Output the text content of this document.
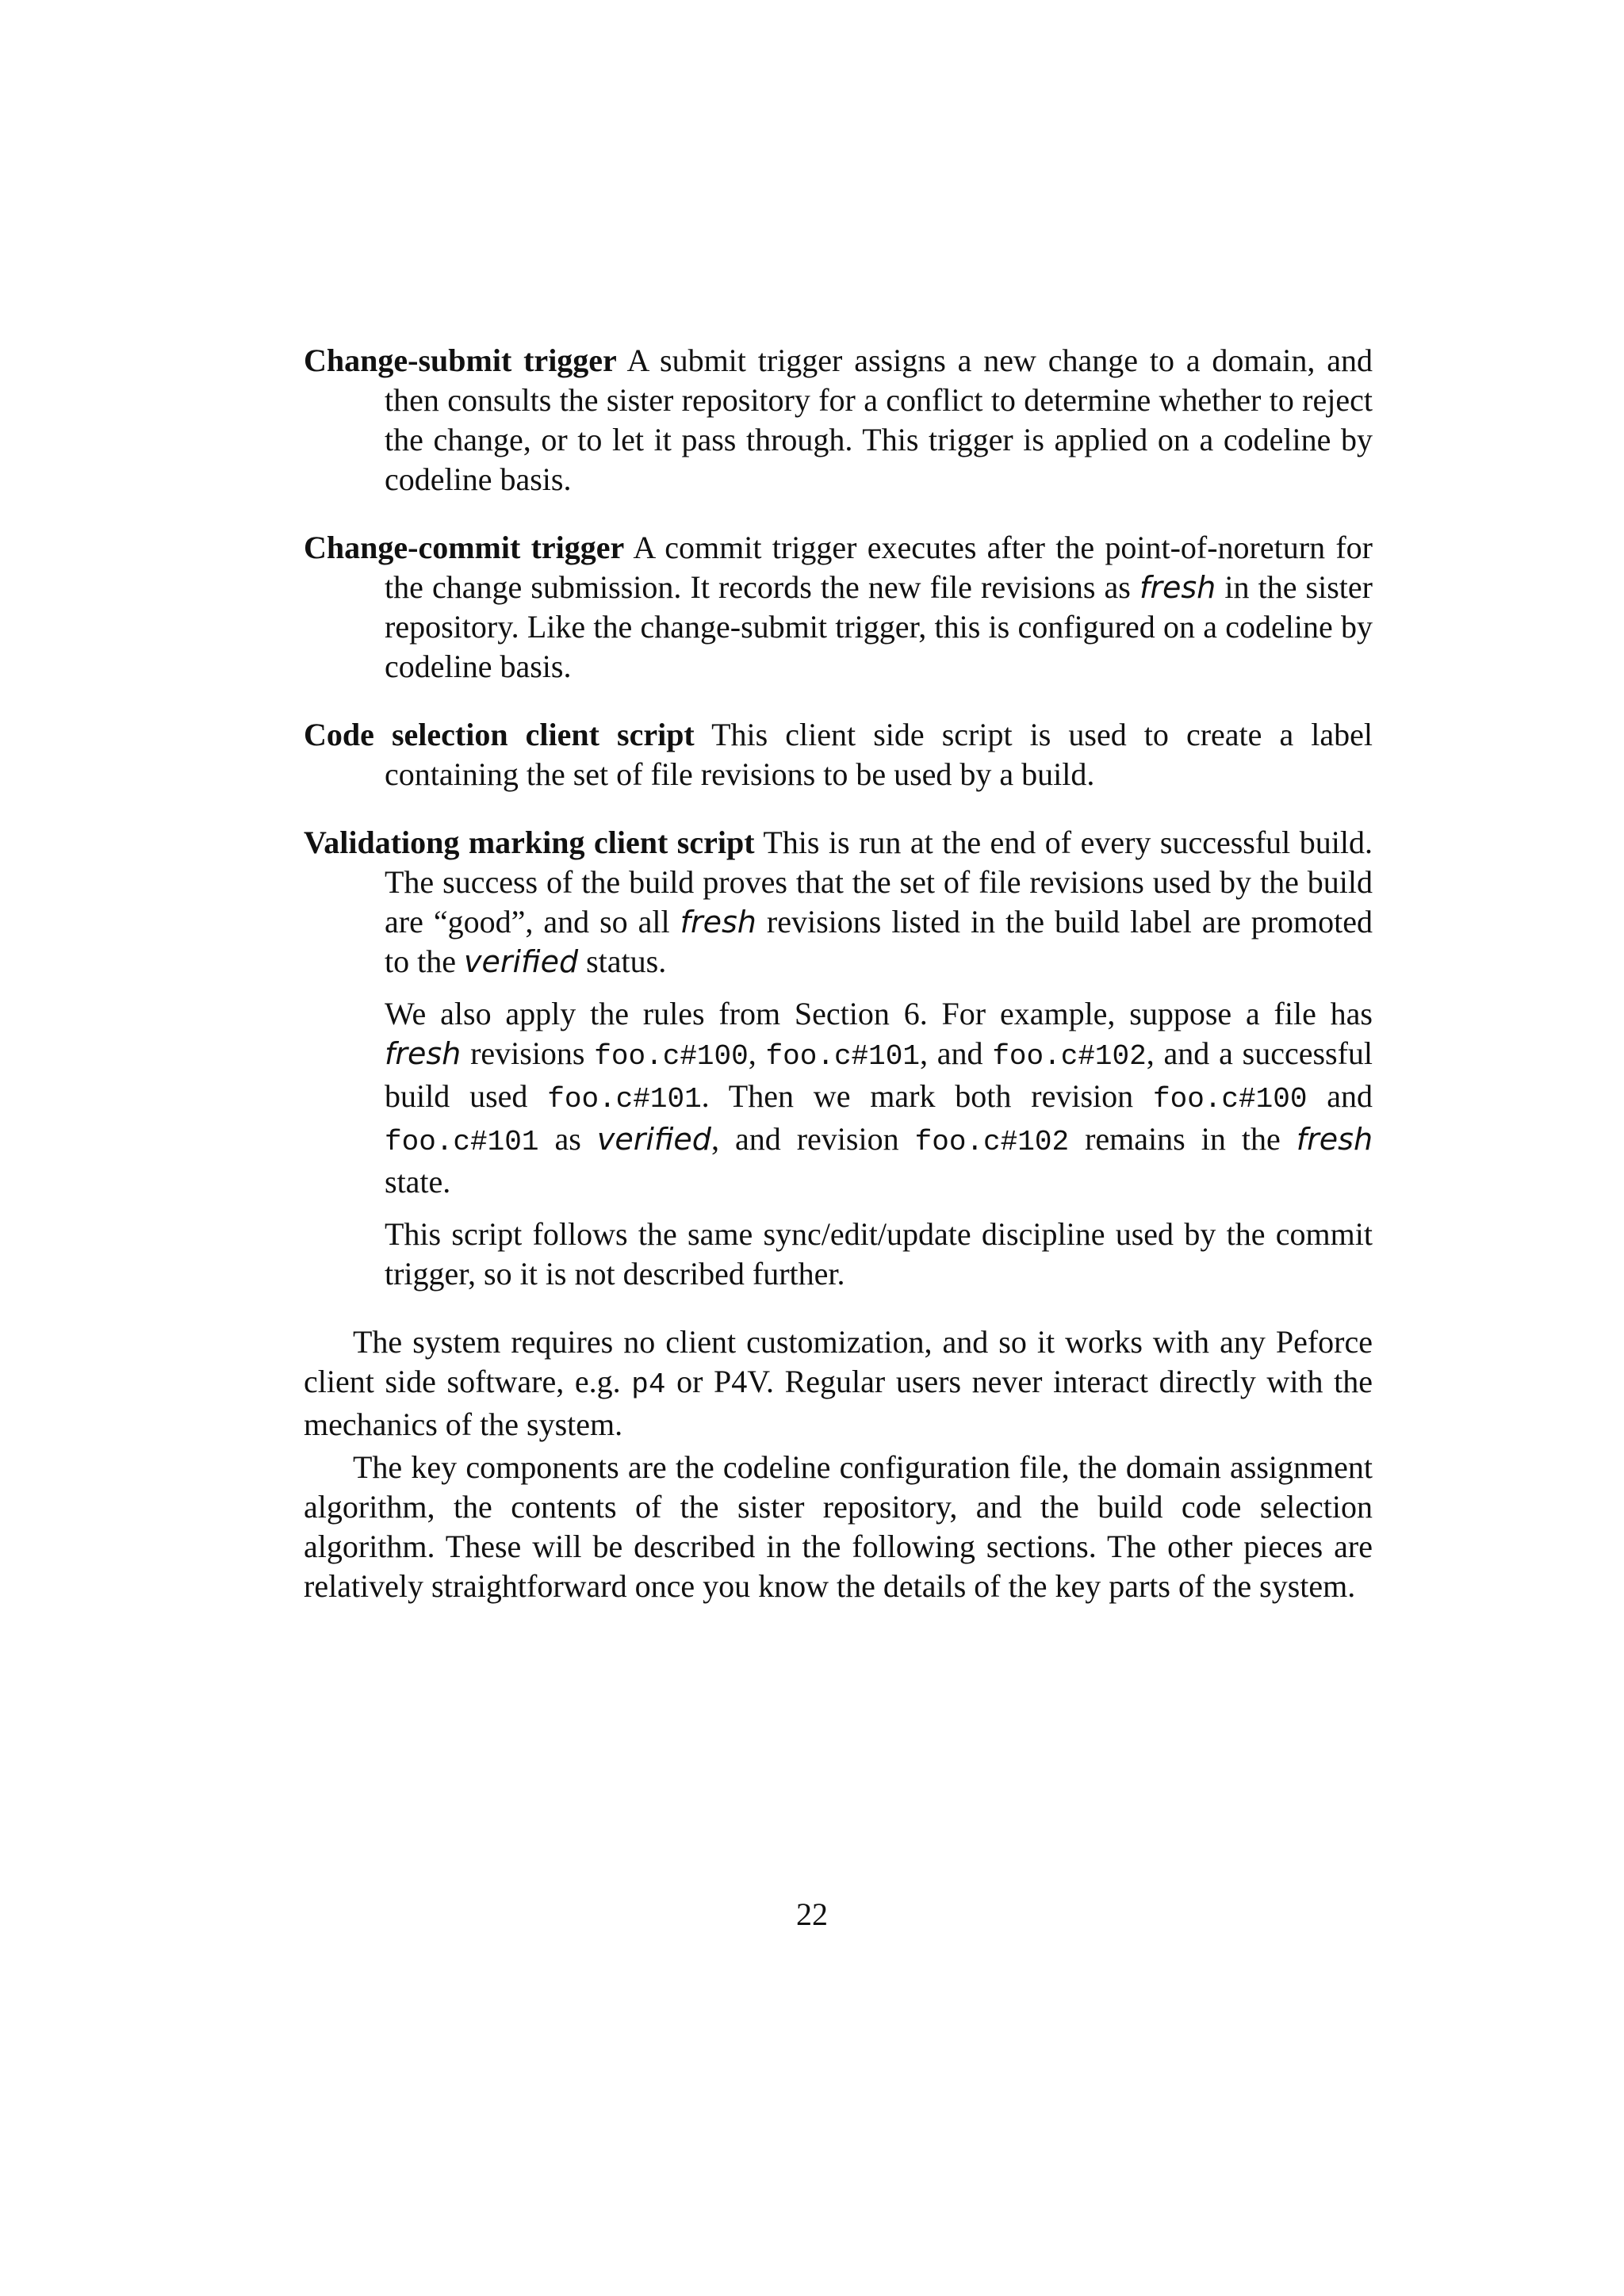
Change-submit trigger A submit trigger assigns a new change to a domain, and then consults the sister repository for a conflict to determine whether to reject the change, or to let it pass through. This trigger is applied on a codeline by codeline basis.

Change-commit trigger A commit trigger executes after the point-of-noreturn for the change submission. It records the new file revisions as fresh in the sister repository. Like the change-submit trigger, this is configured on a codeline by codeline basis.

Code selection client script This client side script is used to create a label containing the set of file revisions to be used by a build.

Validationg marking client script This is run at the end of every successful build. The success of the build proves that the set of file revisions used by the build are “good”, and so all fresh revisions listed in the build label are promoted to the verified status.

We also apply the rules from Section 6. For example, suppose a file has fresh revisions foo.c#100, foo.c#101, and foo.c#102, and a successful build used foo.c#101. Then we mark both revision foo.c#100 and foo.c#101 as verified, and revision foo.c#102 remains in the fresh state.

This script follows the same sync/edit/update discipline used by the commit trigger, so it is not described further.

The system requires no client customization, and so it works with any Peforce client side software, e.g. p4 or P4V. Regular users never interact directly with the mechanics of the system.

The key components are the codeline configuration file, the domain assignment algorithm, the contents of the sister repository, and the build code selection algorithm. These will be described in the following sections. The other pieces are relatively straightforward once you know the details of the key parts of the system.

22
